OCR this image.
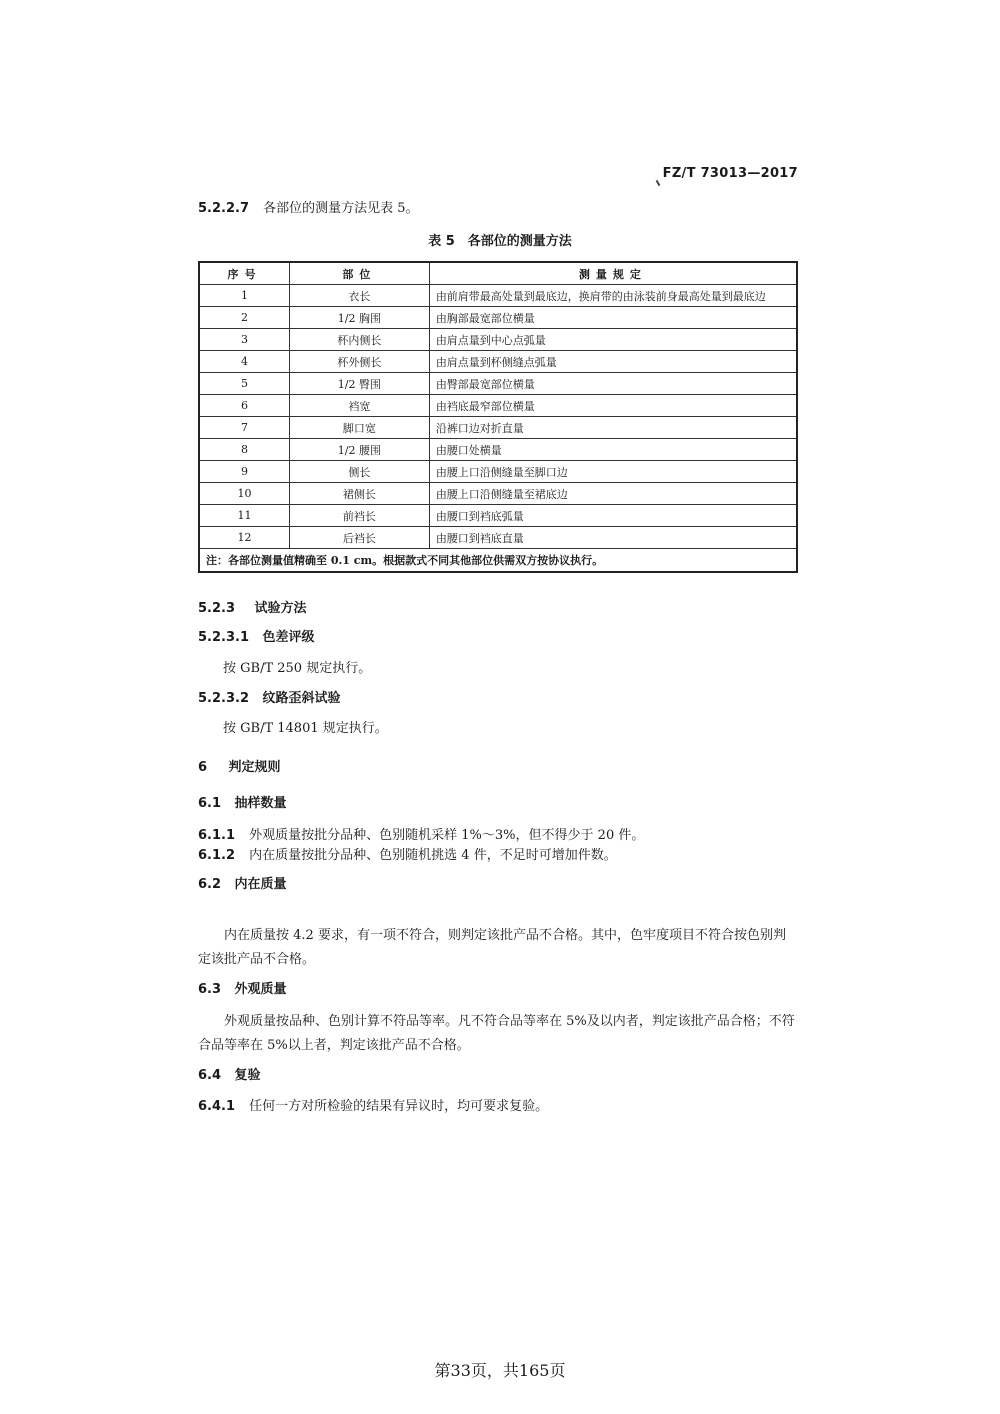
FZ/T 73013—2017
5.2.2.7 各部位的测量方法见表 5。
表 5　各部位的测量方法
序号	部位	测量规定
1	衣长	由前肩带最高处量到最底边，换肩带的由泳装前身最高处量到最底边
2	1/2 胸围	由胸部最宽部位横量
3	杯内侧长	由肩点量到中心点弧量
4	杯外侧长	由肩点量到杯侧缝点弧量
5	1/2 臀围	由臀部最宽部位横量
6	裆宽	由裆底最窄部位横量
7	脚口宽	沿裤口边对折直量
8	1/2 腰围	由腰口处横量
9	侧长	由腰上口沿侧缝量至脚口边
10	裙侧长	由腰上口沿侧缝量至裙底边
11	前裆长	由腰口到裆底弧量
12	后裆长	由腰口到裆底直量
注：各部位测量值精确至 0.1 cm。根据款式不同其他部位供需双方按协议执行。		
5.2.3 试验方法
5.2.3.1 色差评级
按 GB/T 250 规定执行。
5.2.3.2 纹路歪斜试验
按 GB/T 14801 规定执行。
6 判定规则
6.1 抽样数量
6.1.1 外观质量按批分品种、色别随机采样 1%～3%，但不得少于 20 件。
6.1.2 内在质量按批分品种、色别随机挑选 4 件，不足时可增加件数。
6.2 内在质量
内在质量按 4.2 要求，有一项不符合，则判定该批产品不合格。其中，色牢度项目不符合按色别判定该批产品不合格。
6.3 外观质量
外观质量按品种、色别计算不符品等率。凡不符合品等率在 5%及以内者，判定该批产品合格；不符合品等率在 5%以上者，判定该批产品不合格。
6.4 复验
6.4.1 任何一方对所检验的结果有异议时，均可要求复验。
第33页，共165页
